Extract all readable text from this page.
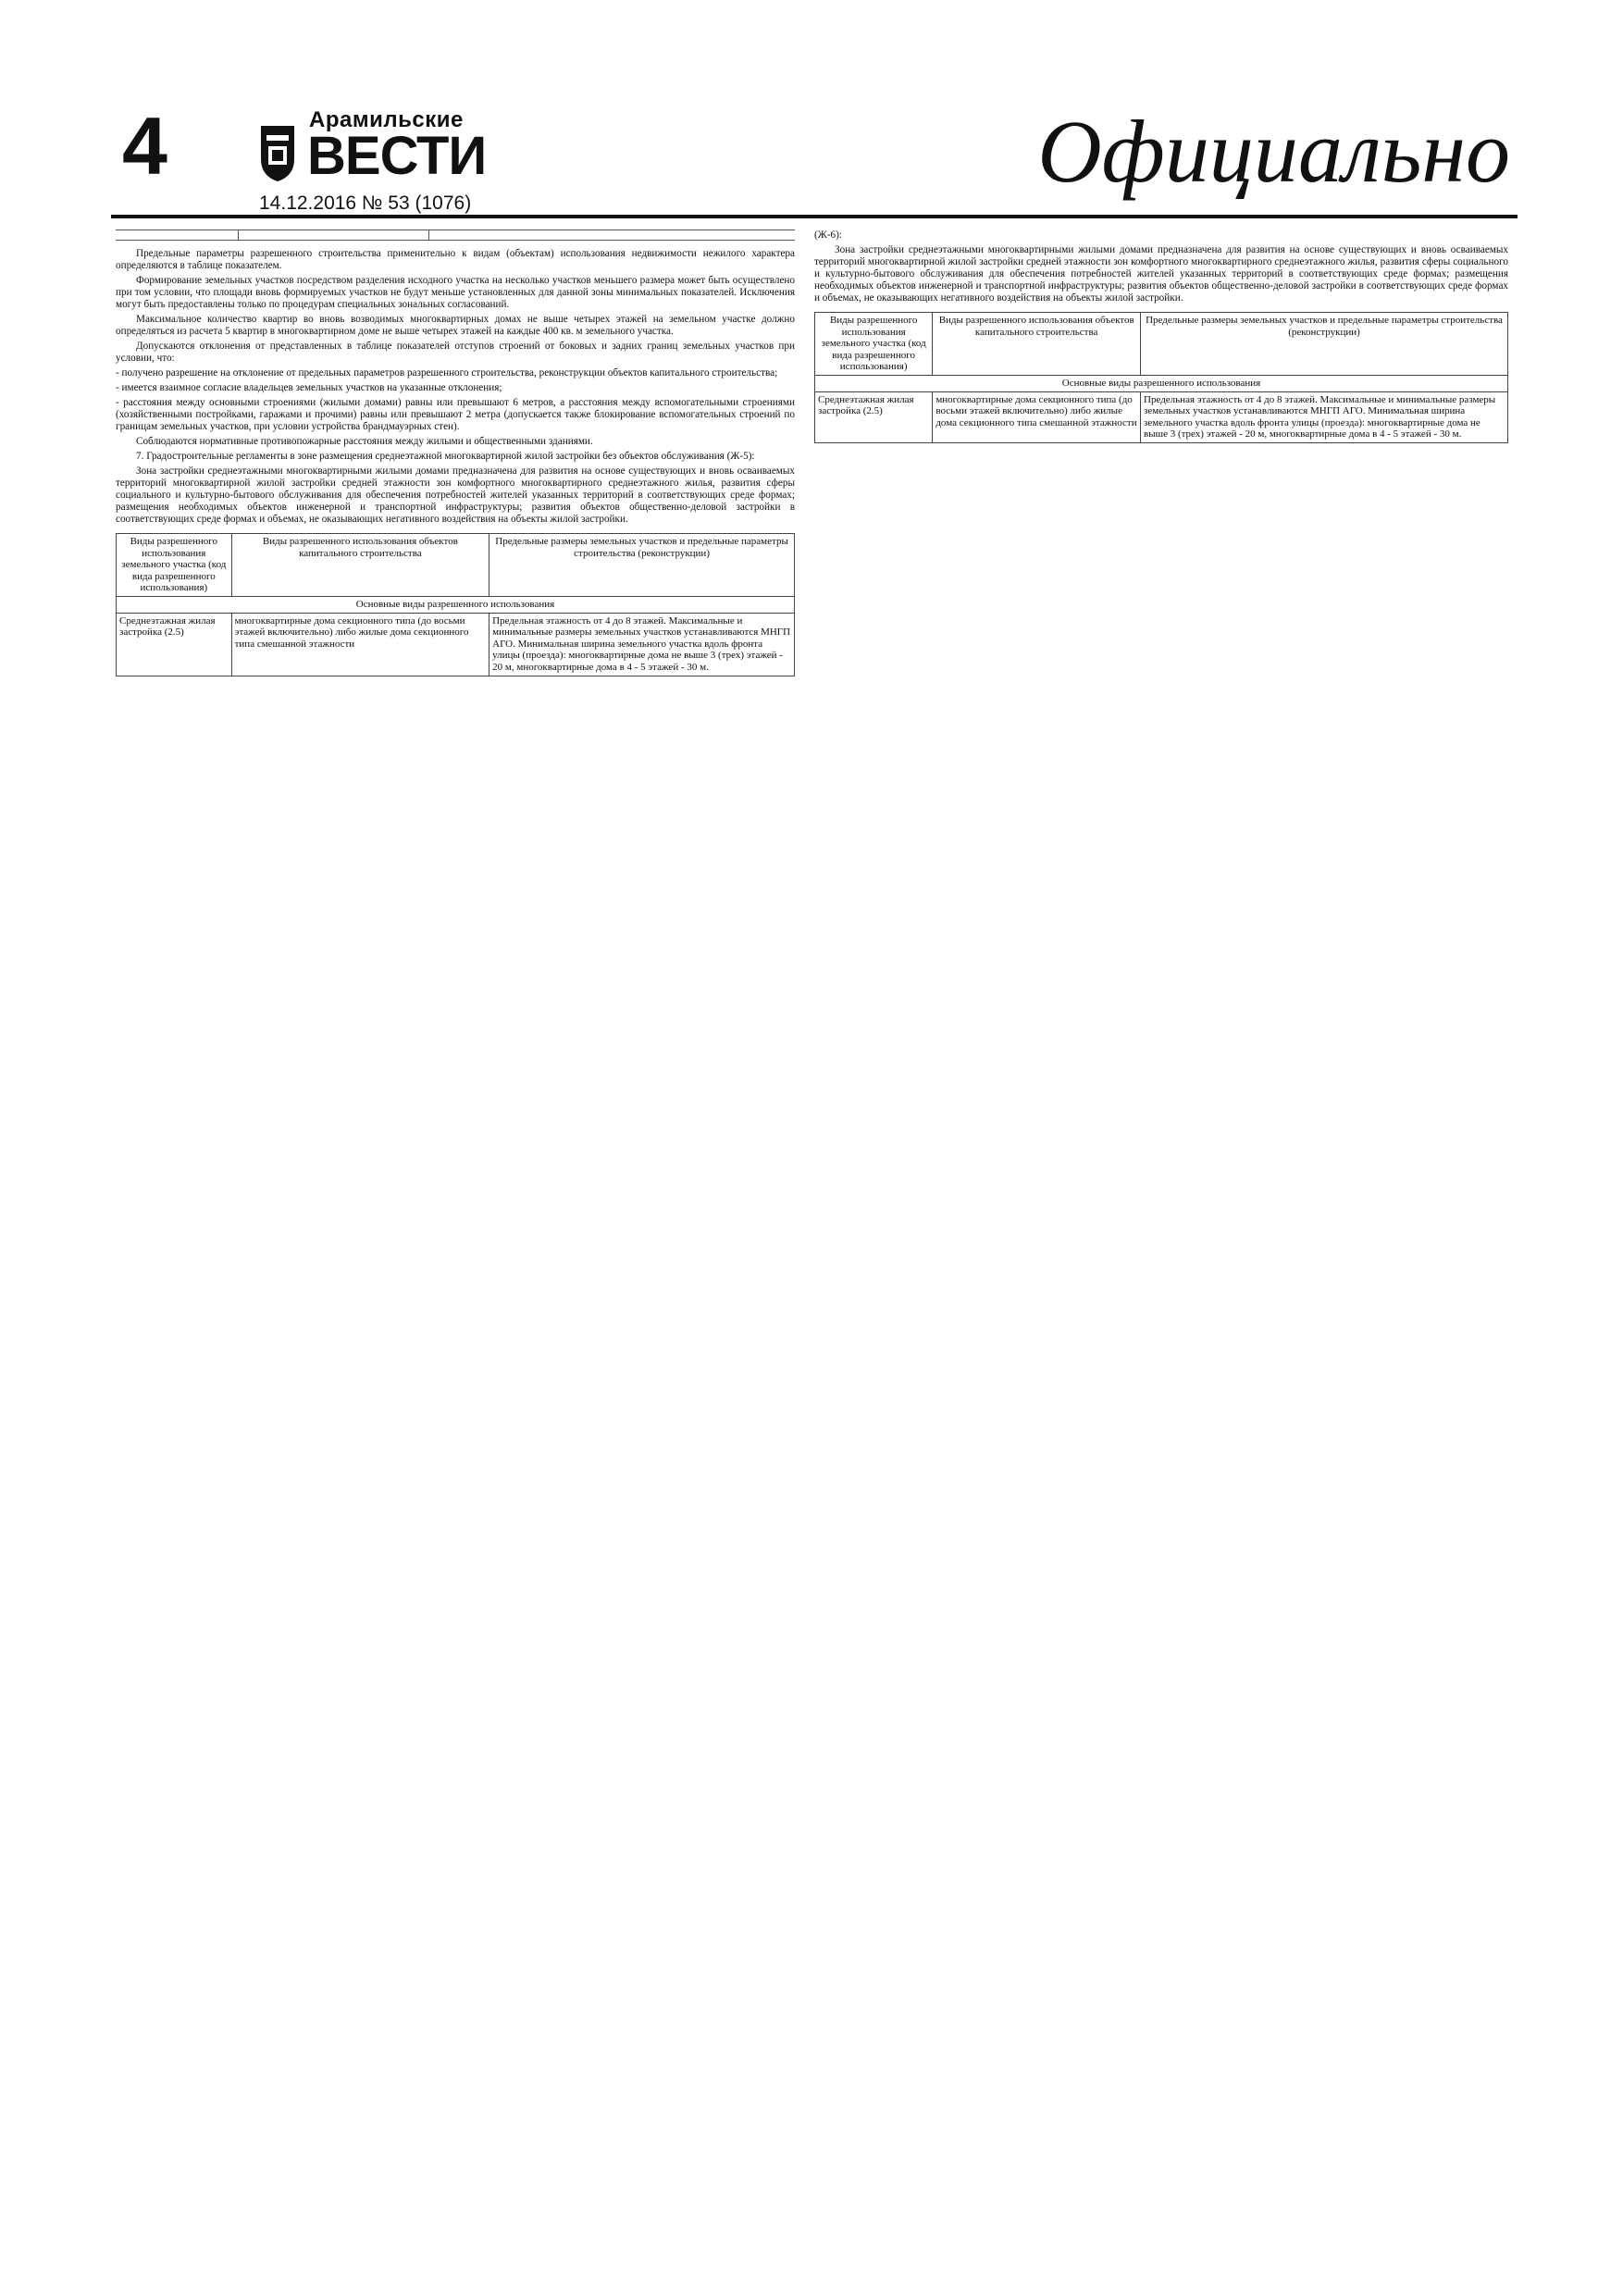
4	Арамильские
ВЕСТИ
14.12.2016 № 53 (1076)
Официально

Предельные параметры разрешенного строительства применительно к видам (объектам) использования недвижимости нежилого характера определяются в таблице показателем.

Формирование земельных участков посредством разделения исходного участка на несколько участков меньшего размера может быть осуществлено при том условии, что площади вновь формируемых участков не будут меньше установленных для данной зоны минимальных показателей. Исключения могут быть предоставлены только по процедурам специальных зональных согласований.

Максимальное количество квартир во вновь возводимых многоквартирных домах не выше четырех этажей на земельном участке должно определяться из расчета 5 квартир в многоквартирном доме не выше четырех этажей на каждые 400 кв. м земельного участка.

Допускаются отклонения от представленных в таблице показателей отступов строений от боковых и задних границ земельных участков при условии, что:

- получено разрешение на отклонение от предельных параметров разрешенного строительства, реконструкции объектов капитального строительства;

- имеется взаимное согласие владельцев земельных участков на указанные отклонения;

- расстояния между основными строениями (жилыми домами) равны или превышают 6 метров, а расстояния между вспомогательными строениями (хозяйственными постройками, гаражами и прочими) равны или превышают 2 метра (допускается также блокирование вспомогательных строений по границам земельных участков, при условии устройства брандмауэрных стен).

Соблюдаются нормативные противопожарные расстояния между жилыми и общественными зданиями.

7. Градостроительные регламенты в зоне размещения среднеэтажной многоквартирной жилой застройки без объектов обслуживания (Ж-5):

Зона застройки среднеэтажными многоквартирными жилыми домами предназначена для развития на основе существующих и вновь осваиваемых территорий многоквартирной жилой застройки средней этажности зон комфортного многоквартирного среднеэтажного жилья, развития сферы социального и культурно-бытового обслуживания для обеспечения потребностей жителей указанных территорий в соответствующих среде формах; размещения необходимых объектов инженерной и транспортной инфраструктуры; развития объектов общественно-деловой застройки в соответствующих среде формах и объемах, не оказывающих негативного воздействия на объекты жилой застройки.

Виды разрешенного использования земельного участка (код вида разрешенного использования)	Виды разрешенного использования объектов капитального строительства	Предельные размеры земельных участков и предельные параметры строительства (реконструкции)
Основные виды разрешенного использования		
Среднеэтажная жилая застройка (2.5)	многоквартирные дома секционного типа (до восьми этажей включительно) либо жилые дома секционного типа смешанной этажности	Предельная этажность от 4 до 8 этажей. Максимальные и минимальные размеры земельных участков устанавливаются МНГП АГО. Минимальная ширина земельного участка вдоль фронта улицы (проезда): многоквартирные дома не выше 3 (трех) этажей - 20 м, многоквартирные дома в 4 - 5 этажей - 30 м.

(Ж-6):

Зона застройки среднеэтажными многоквартирными жилыми домами предназначена для развития на основе существующих и вновь осваиваемых территорий многоквартирной жилой застройки средней этажности зон комфортного многоквартирного среднеэтажного жилья, развития сферы социального и культурно-бытового обслуживания для обеспечения потребностей жителей указанных территорий в соответствующих среде формах; размещения необходимых объектов инженерной и транспортной инфраструктуры; развития объектов общественно-деловой застройки в соответствующих среде формах и объемах, не оказывающих негативного воздействия на объекты жилой застройки.

Виды разрешенного использования земельного участка (код вида разрешенного использования)	Виды разрешенного использования объектов капитального строительства	Предельные размеры земельных участков и предельные параметры строительства (реконструкции)
Основные виды разрешенного использования		
Среднеэтажная жилая застройка (2.5)	многоквартирные дома секционного типа (до восьми этажей включительно) либо жилые дома секционного типа смешанной этажности	Предельная этажность от 4 до 8 этажей. Максимальные и минимальные размеры земельных участков устанавливаются МНГП АГО. Минимальная ширина земельного участка вдоль фронта улицы (проезда): многоквартирные дома не выше 3 (трех) этажей - 20 м, многоквартирные дома в 4 - 5 этажей - 30 м.
